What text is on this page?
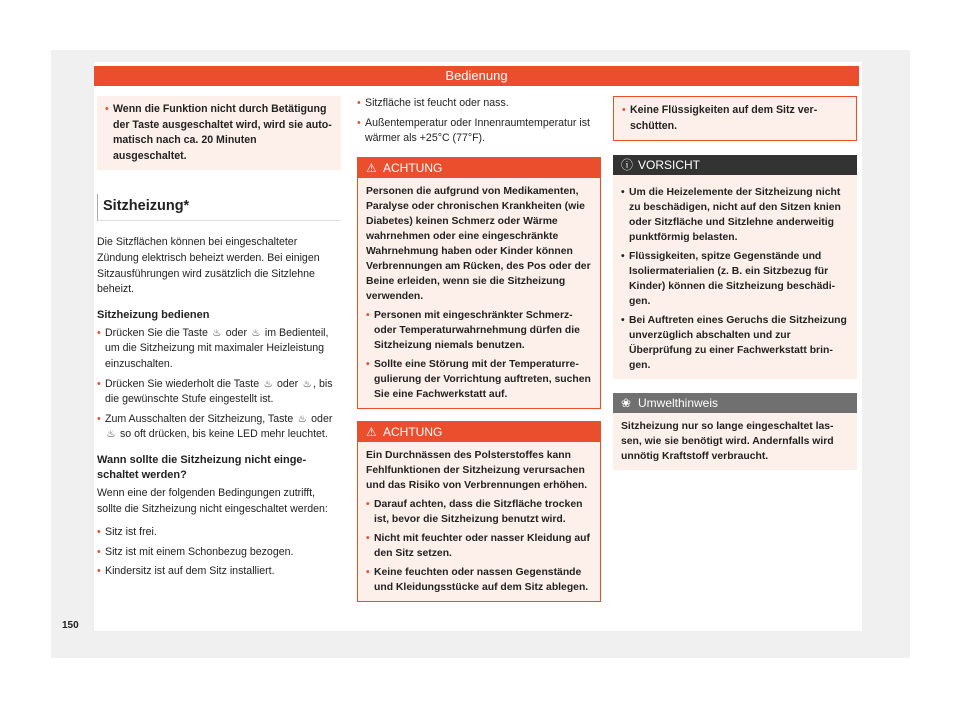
Bedienung
• Wenn die Funktion nicht durch Betätigung der Taste ausgeschaltet wird, wird sie automatisch nach ca. 20 Minuten ausgeschaltet.
Sitzheizung*

Die Sitzflächen können bei eingeschalteter Zündung elektrisch beheizt werden. Bei einigen Sitzausführungen wird zusätzlich die Sitzlehne beheizt.

Sitzheizung bedienen
• Drücken Sie die Taste ♨ oder ♨ im Bedienteil, um die Sitzheizung mit maximaler Heizleistung einzuschalten.
• Drücken Sie wiederholt die Taste ♨ oder ♨ , bis die gewünschte Stufe eingestellt ist.
• Zum Ausschalten der Sitzheizung, Taste ♨ oder ♨ so oft drücken, bis keine LED mehr leuchtet.
Wann sollte die Sitzheizung nicht eingeschaltet werden?

Wenn eine der folgenden Bedingungen zutrifft, sollte die Sitzheizung nicht eingeschaltet werden:

• Sitz ist frei.
• Sitz ist mit einem Schonbezug bezogen.
• Kindersitz ist auf dem Sitz installiert.
• Sitzfläche ist feucht oder nass.
• Außentemperatur oder Innenraumtemperatur ist wärmer als +25°C (77°F).
⚠ ACHTUNG

Personen die aufgrund von Medikamenten, Paralyse oder chronischen Krankheiten (wie Diabetes) keinen Schmerz oder Wärme wahrnehmen oder eine eingeschränkte Wahrnehmung haben oder Kinder können Verbrennungen am Rücken, des Pos oder der Beine erleiden, wenn sie die Sitzheizung verwenden.

• Personen mit eingeschränkter Schmerz- oder Temperaturwahrnehmung dürfen die Sitzheizung niemals benutzen.
• Sollte eine Störung mit der Temperaturregulierung der Vorrichtung auftreten, suchen Sie eine Fachwerkstatt auf.
⚠ ACHTUNG

Ein Durchnässen des Polsterstoffes kann Fehlfunktionen der Sitzheizung verursachen und das Risiko von Verbrennungen erhöhen.

• Darauf achten, dass die Sitzfläche trocken ist, bevor die Sitzheizung benutzt wird.
• Nicht mit feuchter oder nasser Kleidung auf den Sitz setzen.
• Keine feuchten oder nassen Gegenstände und Kleidungsstücke auf dem Sitz ablegen.
• Keine Flüssigkeiten auf dem Sitz verschütten.
ⓘ VORSICHT
• Um die Heizelemente der Sitzheizung nicht zu beschädigen, nicht auf den Sitzen knien oder Sitzfläche und Sitzlehne anderweitig punktförmig belasten.
• Flüssigkeiten, spitze Gegenstände und Isoliermaterialien (z. B. ein Sitzbezug für Kinder) können die Sitzheizung beschädigen.
• Bei Auftreten eines Geruchs die Sitzheizung unverzüglich abschalten und zur Überprüfung zu einer Fachwerkstatt bringen.
❀ Umwelthinweis

Sitzheizung nur so lange eingeschaltet lassen, wie sie benötigt wird. Andernfalls wird unnötig Kraftstoff verbraucht.

150
